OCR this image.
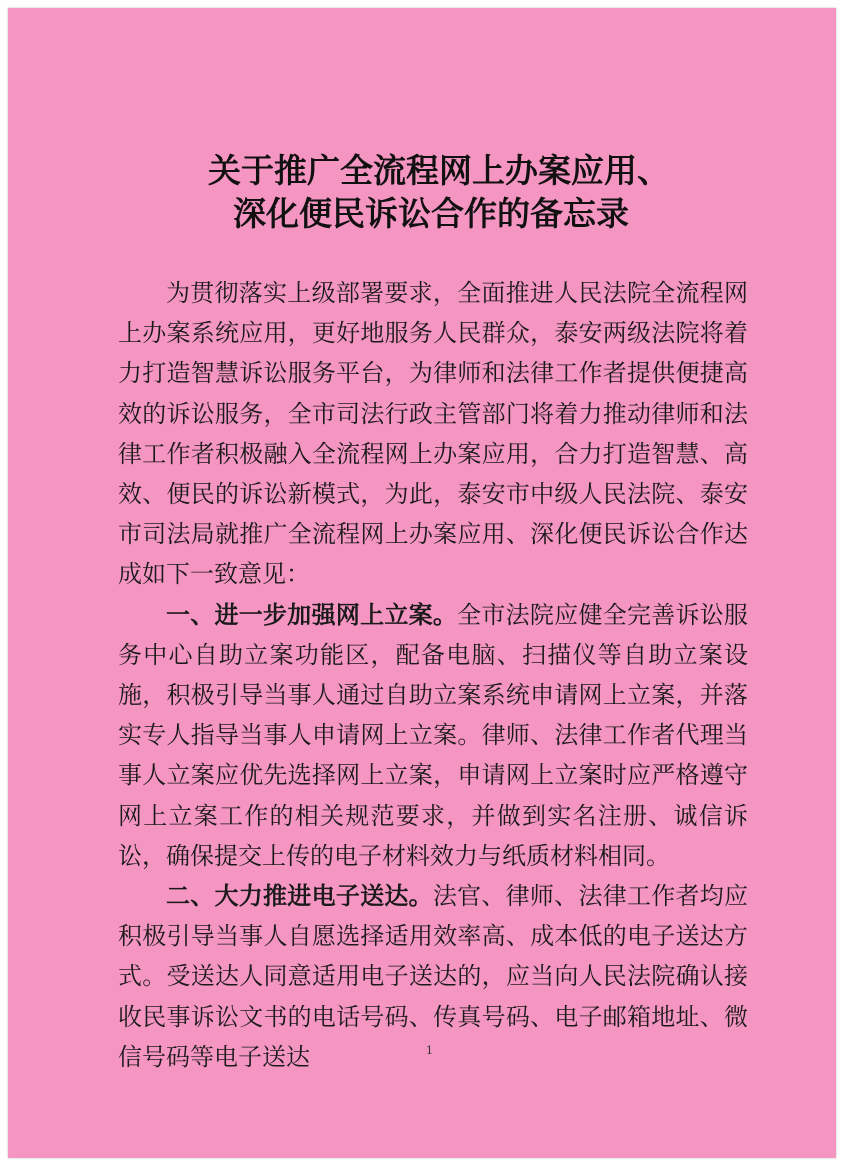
关于推广全流程网上办案应用、
深化便民诉讼合作的备忘录

为贯彻落实上级部署要求，全面推进人民法院全流程网上办案系统应用，更好地服务人民群众，泰安两级法院将着力打造智慧诉讼服务平台，为律师和法律工作者提供便捷高效的诉讼服务，全市司法行政主管部门将着力推动律师和法律工作者积极融入全流程网上办案应用，合力打造智慧、高效、便民的诉讼新模式，为此，泰安市中级人民法院、泰安市司法局就推广全流程网上办案应用、深化便民诉讼合作达成如下一致意见：

一、进一步加强网上立案。全市法院应健全完善诉讼服务中心自助立案功能区，配备电脑、扫描仪等自助立案设施，积极引导当事人通过自助立案系统申请网上立案，并落实专人指导当事人申请网上立案。律师、法律工作者代理当事人立案应优先选择网上立案，申请网上立案时应严格遵守网上立案工作的相关规范要求，并做到实名注册、诚信诉讼，确保提交上传的电子材料效力与纸质材料相同。

二、大力推进电子送达。法官、律师、法律工作者均应积极引导当事人自愿选择适用效率高、成本低的电子送达方式。受送达人同意适用电子送达的，应当向人民法院确认接收民事诉讼文书的电话号码、传真号码、电子邮箱地址、微信号码等电子送达	1
